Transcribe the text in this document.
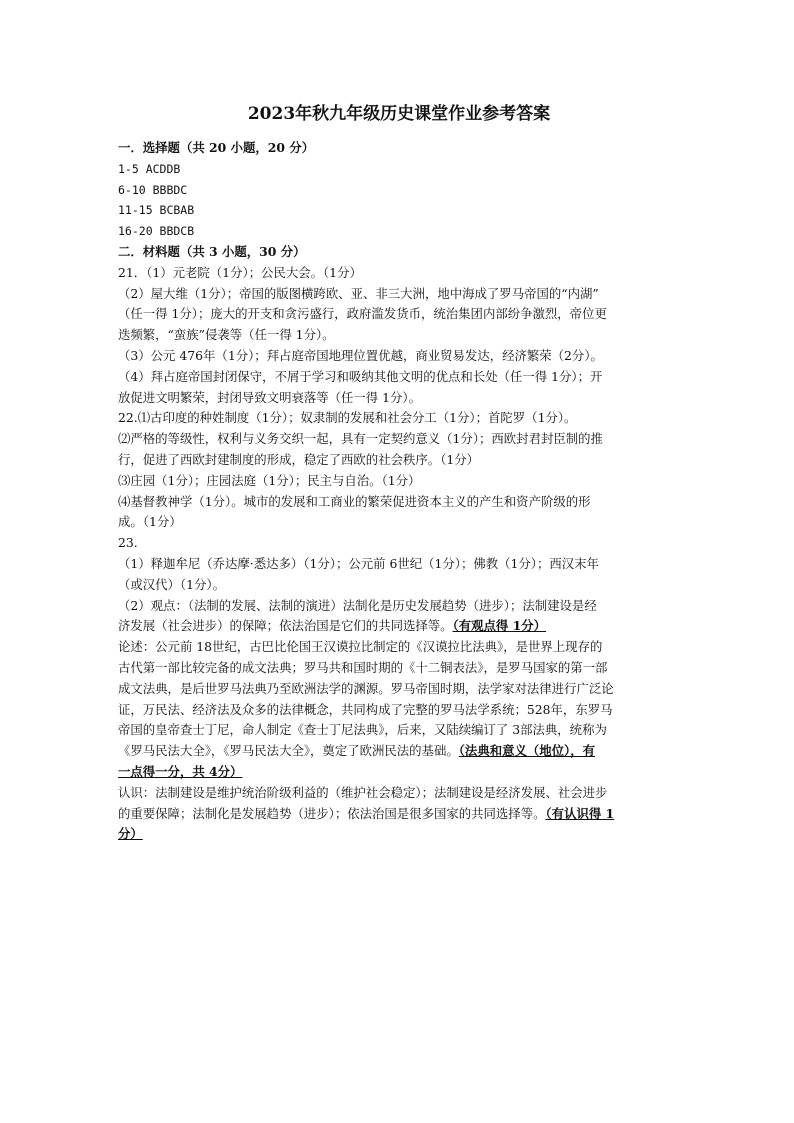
2023年秋九年级历史课堂作业参考答案
一．选择题（共 20 小题，20 分）
1-5 ACDDB
6-10 BBBDC
11-15 BCBAB
16-20 BBDCB
二．材料题（共 3 小题，30 分）
21．（1）元老院（1分）；公民大会。（1分）
（2）屋大维（1分）；帝国的版图横跨欧、亚、非三大洲，地中海成了罗马帝国的“内湖”
（任一得 1分）；庞大的开支和贪污盛行，政府滥发货币，统治集团内部纷争激烈，帝位更
迭频繁，“蛮族”侵袭等（任一得 1分）。
（3）公元 476年（1分）；拜占庭帝国地理位置优越，商业贸易发达，经济繁荣（2分）。
（4）拜占庭帝国封闭保守，不屑于学习和吸纳其他文明的优点和长处（任一得 1分）；开
放促进文明繁荣，封闭导致文明衰落等（任一得 1分）。
22.⑴古印度的种姓制度（1分）；奴隶制的发展和社会分工（1分）；首陀罗（1分）。
⑵严格的等级性，权利与义务交织一起，具有一定契约意义（1分）；西欧封君封臣制的推
行，促进了西欧封建制度的形成，稳定了西欧的社会秩序。（1分）
⑶庄园（1分）；庄园法庭（1分）；民主与自治。（1分）
⑷基督教神学（1分）。城市的发展和工商业的繁荣促进资本主义的产生和资产阶级的形
成。（1分）
23.
（1）释迦牟尼（乔达摩·悉达多）（1分）；公元前 6世纪（1分）；佛教（1分）；西汉末年
（或汉代）（1分）。
（2）观点：（法制的发展、法制的演进）法制化是历史发展趋势（进步）；法制建设是经
济发展（社会进步）的保障；依法治国是它们的共同选择等。（有观点得 1分）
论述：公元前 18世纪，古巴比伦国王汉谟拉比制定的《汉谟拉比法典》，是世界上现存的
古代第一部比较完备的成文法典；罗马共和国时期的《十二铜表法》，是罗马国家的第一部
成文法典，是后世罗马法典乃至欧洲法学的渊源。罗马帝国时期，法学家对法律进行广泛论
证，万民法、经济法及众多的法律概念，共同构成了完整的罗马法学系统；528年，东罗马
帝国的皇帝查士丁尼，命人制定《查士丁尼法典》，后来，又陆续编订了 3部法典，统称为
《罗马民法大全》，《罗马民法大全》，奠定了欧洲民法的基础。（法典和意义（地位），有
一点得一分，共 4分）
认识：法制建设是维护统治阶级利益的（维护社会稳定）；法制建设是经济发展、社会进步
的重要保障；法制化是发展趋势（进步）；依法治国是很多国家的共同选择等。（有认识得 1
分）
